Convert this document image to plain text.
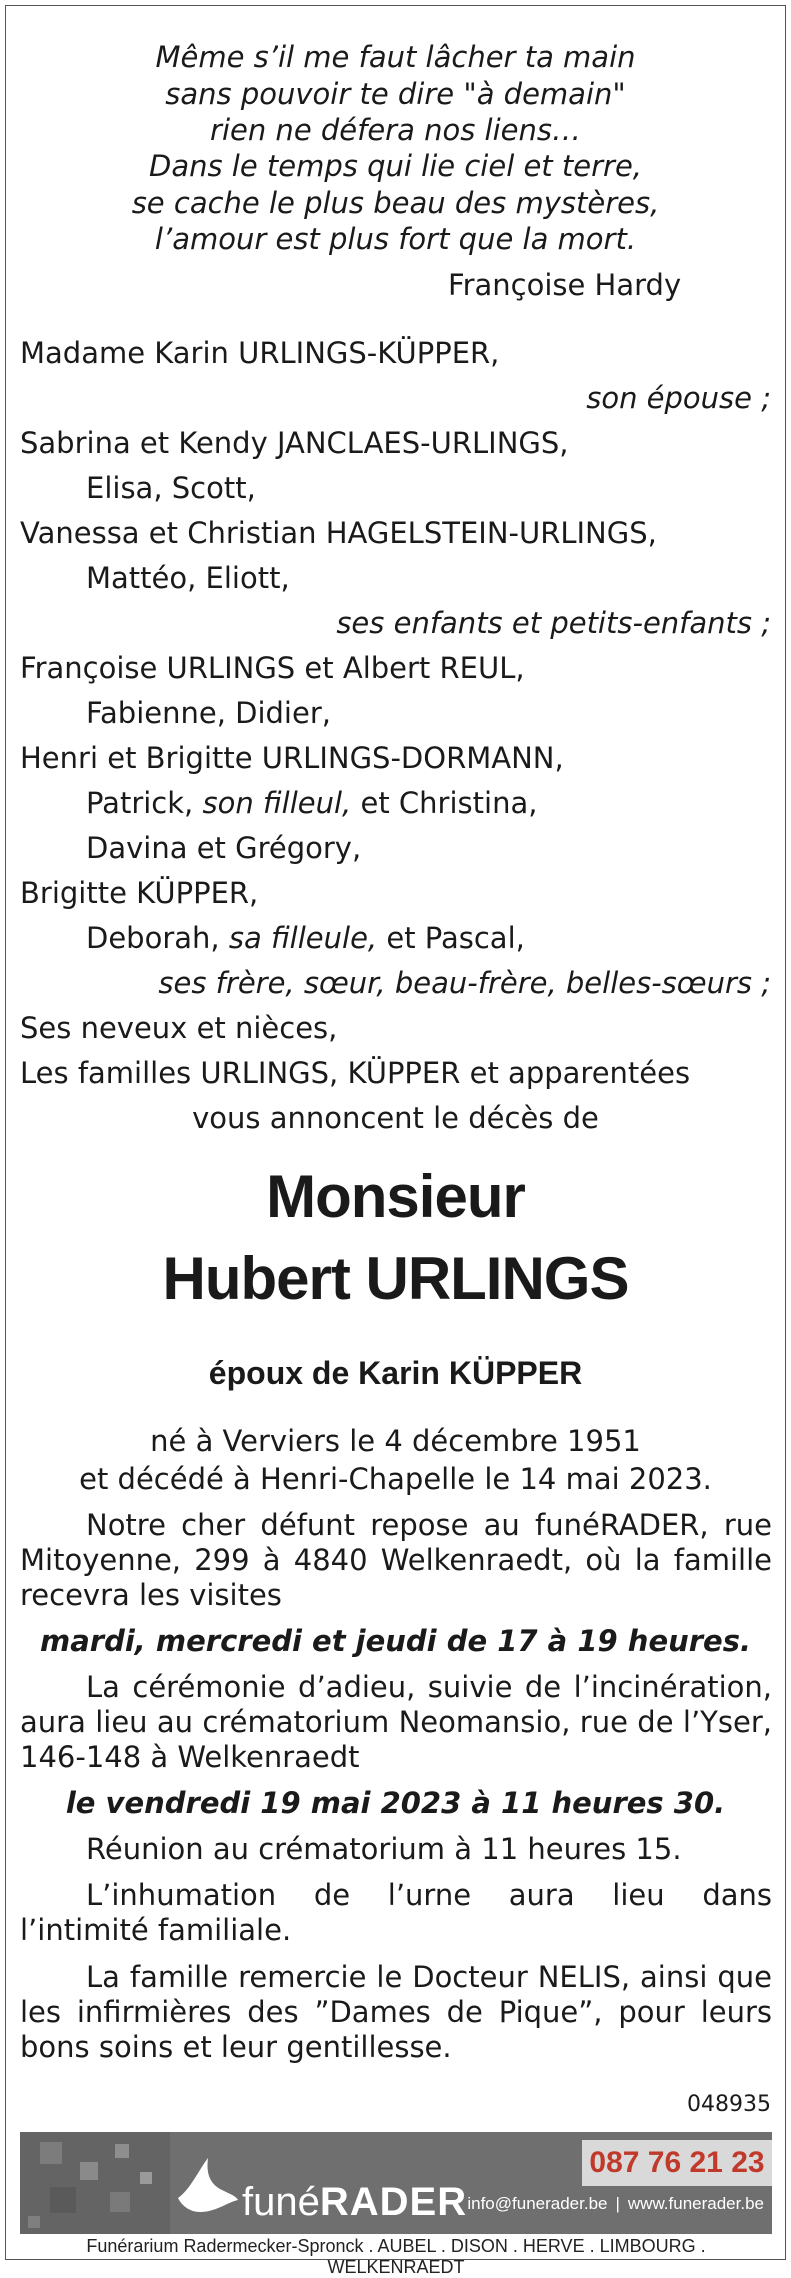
Même s’il me faut lâcher ta main
sans pouvoir te dire "à demain"
rien ne défera nos liens…
Dans le temps qui lie ciel et terre,
se cache le plus beau des mystères,
l’amour est plus fort que la mort.
Françoise Hardy
Madame Karin URLINGS-KÜPPER,
son épouse ;
Sabrina et Kendy JANCLAES-URLINGS,
Elisa, Scott,
Vanessa et Christian HAGELSTEIN-URLINGS,
Mattéo, Eliott,
ses enfants et petits-enfants ;
Françoise URLINGS et Albert REUL,
Fabienne, Didier,
Henri et Brigitte URLINGS-DORMANN,
Patrick, son filleul, et Christina,
Davina et Grégory,
Brigitte KÜPPER,
Deborah, sa filleule, et Pascal,
ses frère, sœur, beau-frère, belles-sœurs ;
Ses neveux et nièces,
Les familles URLINGS, KÜPPER et apparentées
vous annoncent le décès de
Monsieur
Hubert URLINGS
époux de Karin KÜPPER
né à Verviers le 4 décembre 1951
et décédé à Henri-Chapelle le 14 mai 2023.
Notre cher défunt repose au funéRADER, rue
Mitoyenne, 299 à 4840 Welkenraedt, où la famille
recevra les visites
mardi, mercredi et jeudi de 17 à 19 heures.
La cérémonie d’adieu, suivie de l’incinération,
aura lieu au crématorium Neomansio, rue de l’Yser,
146-148 à Welkenraedt
le vendredi 19 mai 2023 à 11 heures 30.
Réunion au crématorium à 11 heures 15.
L’inhumation de l’urne aura lieu dans
l’intimité familiale.
La famille remercie le Docteur NELIS, ainsi que
les infirmières des ”Dames de Pique”, pour leurs
bons soins et leur gentillesse.
048935
funéRADER
087 76 21 23
info@funerader.be | www.funerader.be
Funérarium Radermecker-Spronck . AUBEL . DISON . HERVE . LIMBOURG . WELKENRAEDT
